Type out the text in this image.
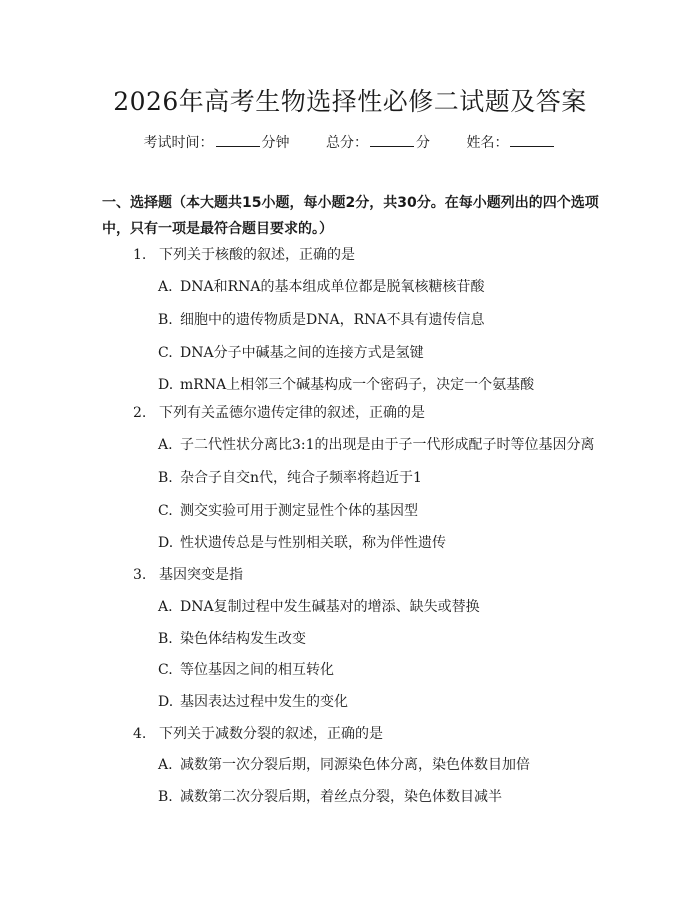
2026年高考生物选择性必修二试题及答案
考试时间：	分钟	总分：	分	姓名：
一、选择题（本大题共15小题，每小题2分，共30分。在每小题列出的四个选项中，只有一项是最符合题目要求的。）
1. 下列关于核酸的叙述，正确的是
A. DNA和RNA的基本组成单位都是脱氧核糖核苷酸
B. 细胞中的遗传物质是DNA，RNA不具有遗传信息
C. DNA分子中碱基之间的连接方式是氢键
D. mRNA上相邻三个碱基构成一个密码子，决定一个氨基酸
2. 下列有关孟德尔遗传定律的叙述，正确的是
A. 子二代性状分离比3:1的出现是由于子一代形成配子时等位基因分离
B. 杂合子自交n代，纯合子频率将趋近于1
C. 测交实验可用于测定显性个体的基因型
D. 性状遗传总是与性别相关联，称为伴性遗传
3. 基因突变是指
A. DNA复制过程中发生碱基对的增添、缺失或替换
B. 染色体结构发生改变
C. 等位基因之间的相互转化
D. 基因表达过程中发生的变化
4. 下列关于减数分裂的叙述，正确的是
A. 减数第一次分裂后期，同源染色体分离，染色体数目加倍
B. 减数第二次分裂后期，着丝点分裂，染色体数目减半
